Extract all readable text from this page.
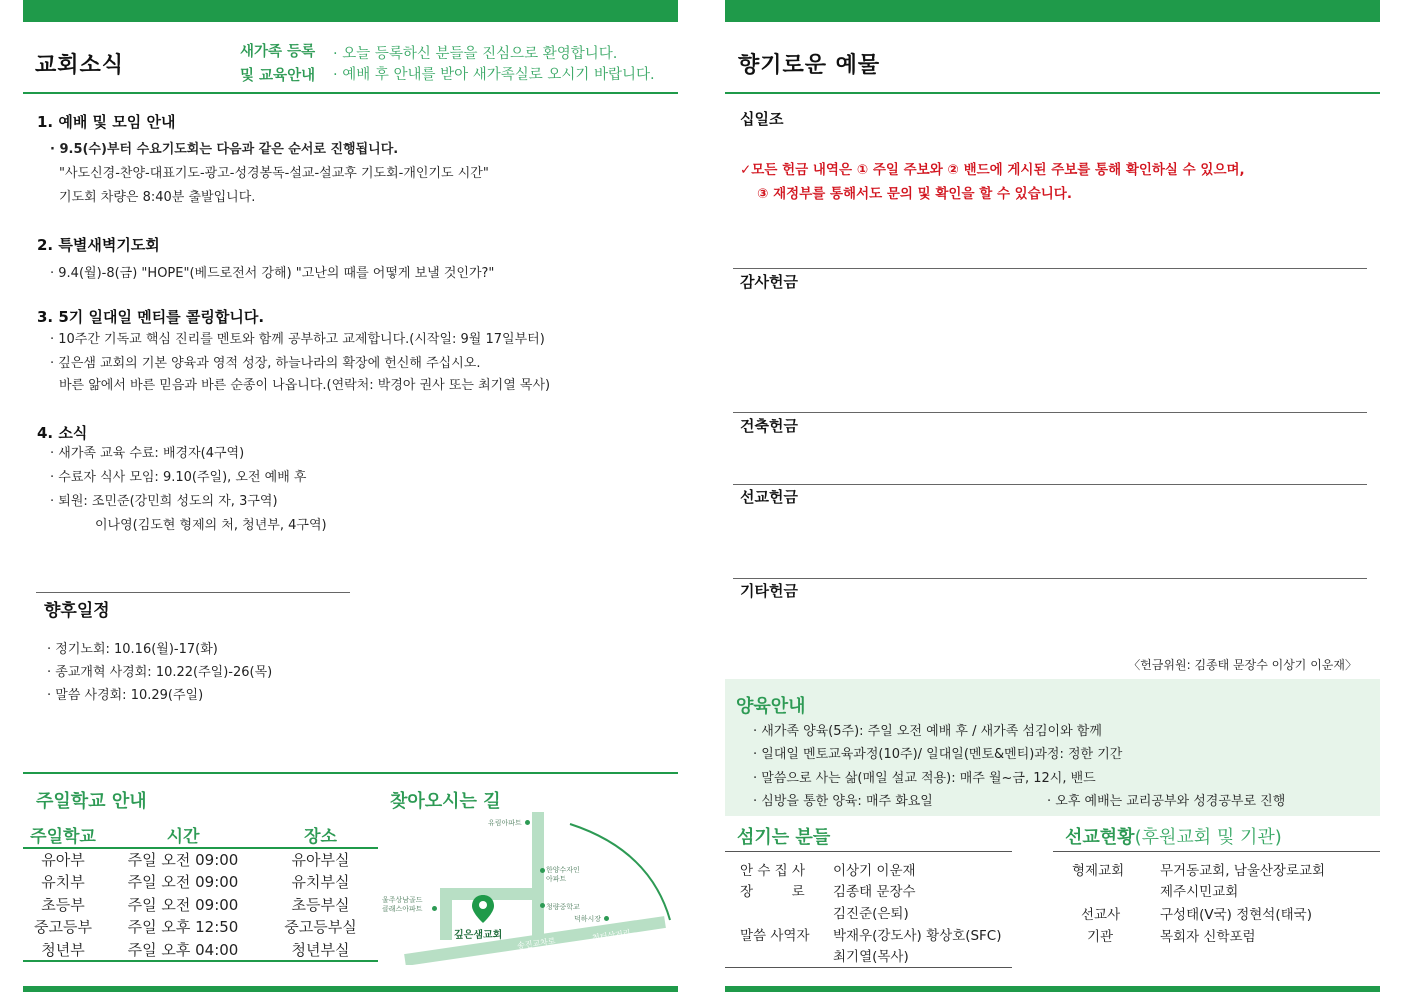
교회소식
새가족 등록
및 교육안내
· 오늘 등록하신 분들을 진심으로 환영합니다.
· 예배 후 안내를 받아 새가족실로 오시기 바랍니다.
1. 예배 및 모임 안내
· 9.5(수)부터 수요기도회는 다음과 같은 순서로 진행됩니다.
"사도신경-찬양-대표기도-광고-성경봉독-설교-설교후 기도회-개인기도 시간"
기도회 차량은 8:40분 출발입니다.
2. 특별새벽기도회
· 9.4(월)-8(금) "HOPE"(베드로전서 강해) "고난의 때를 어떻게 보낼 것인가?"
3. 5기 일대일 멘티를 콜링합니다.
· 10주간 기독교 핵심 진리를 멘토와 함께 공부하고 교제합니다.(시작일: 9월 17일부터)
· 깊은샘 교회의 기본 양육과 영적 성장, 하늘나라의 확장에 헌신해 주십시오.
바른 앎에서 바른 믿음과 바른 순종이 나옵니다.(연락처: 박경아 권사 또는 최기열 목사)
4. 소식
· 새가족 교육 수료: 배경자(4구역)
· 수료자 식사 모임: 9.10(주일), 오전 예배 후
· 퇴원: 조민준(강민희 성도의 자, 3구역)
이나영(김도현 형제의 처, 청년부, 4구역)
향후일정
· 정기노회: 10.16(월)-17(화)
· 종교개혁 사경회: 10.22(주일)-26(목)
· 말씀 사경회: 10.29(주일)
주일학교 안내	찾아오시는 길
주일학교	시간	장소
유아부	주일 오전 09:00	유아부실
유치부	주일 오전 09:00	유치부실
초등부	주일 오전 09:00	초등부실
중고등부	주일 오후 12:50	중고등부실
청년부	주일 오후 04:00	청년부실
유림아파트
한양수자인
아파트
울주상남골드
클래스아파트	청량중학교
덕하시장
깊은샘교회
송진교차로
청터삼거리
향기로운 예물
십일조
✓모든 헌금 내역은 ① 주일 주보와 ② 밴드에 게시된 주보를 통해 확인하실 수 있으며,
③ 재정부를 통해서도 문의 및 확인을 할 수 있습니다.
감사헌금
건축헌금
선교헌금
기타헌금
〈헌금위원: 김종태 문장수 이상기 이운재〉
양육안내
· 새가족 양육(5주): 주일 오전 예배 후 / 새가족 섬김이와 함께
· 일대일 멘토교육과정(10주)/ 일대일(멘토&멘티)과정: 정한 기간
· 말씀으로 사는 삶(매일 설교 적용): 매주 월~금, 12시, 밴드
· 심방을 통한 양육: 매주 화요일	· 오후 예배는 교리공부와 성경공부로 진행
섬기는 분들
안 수 집 사 이상기 이운재
장         로 김종태 문장수
김진준(은퇴)
말씀 사역자 박재우(강도사) 황상호(SFC)
최기열(목사)
선교현황(후원교회 및 기관)
형제교회	무거동교회, 남울산장로교회
제주시민교회
선교사	구성태(V국) 정현석(태국)
기관	목회자 신학포럼
